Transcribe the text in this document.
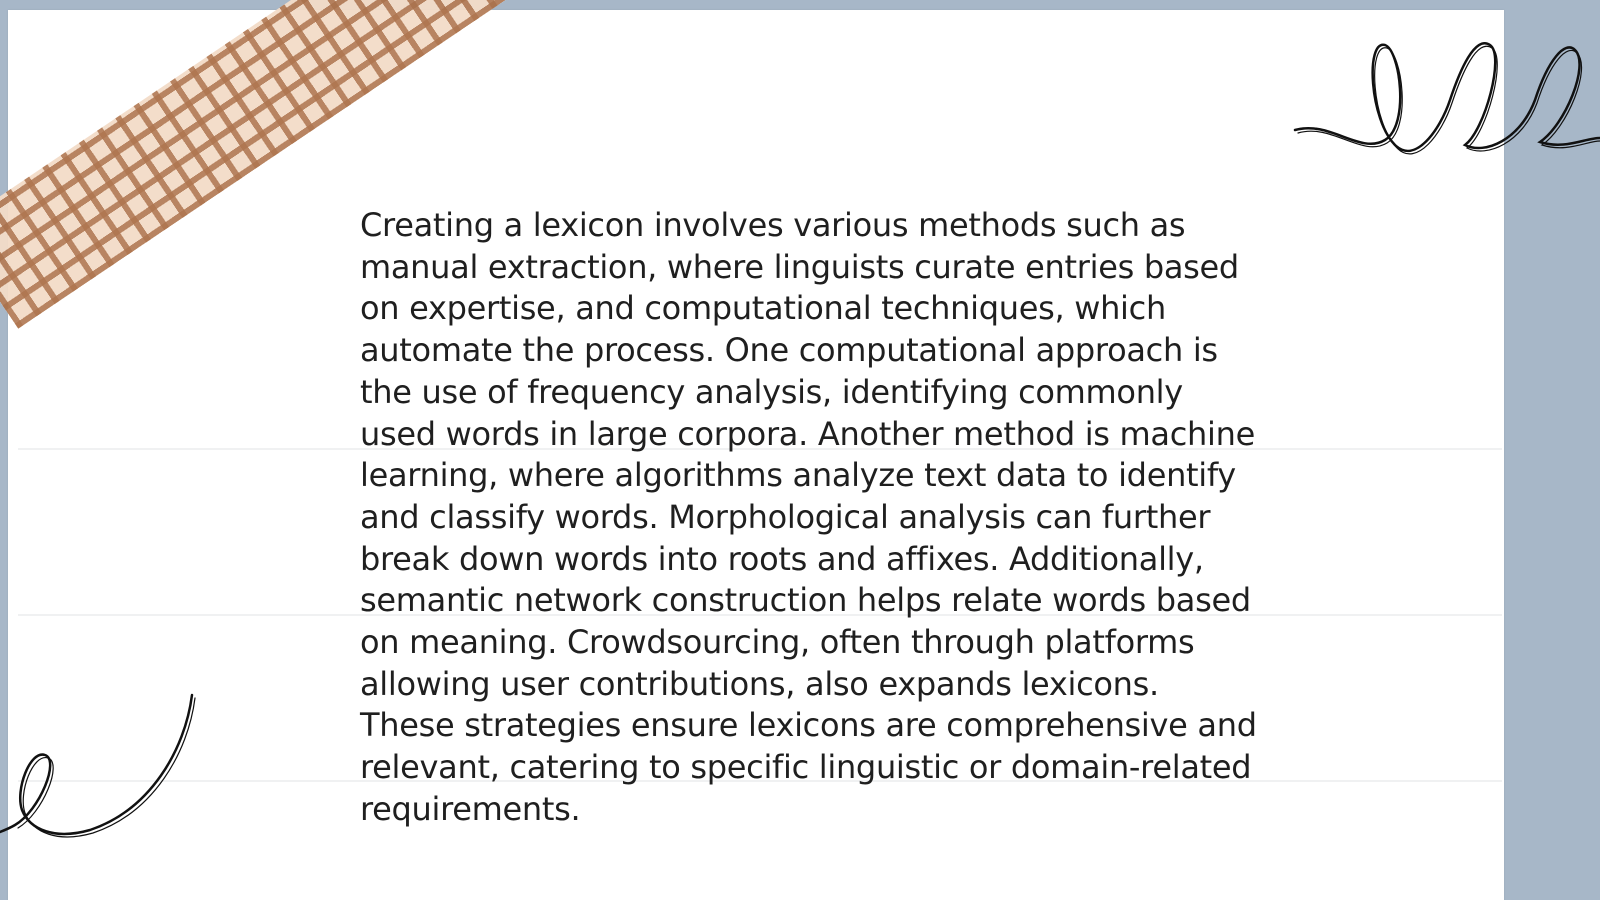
Creating a lexicon involves various methods such as manual extraction, where linguists curate entries based on expertise, and computational techniques, which automate the process. One computational approach is the use of frequency analysis, identifying commonly used words in large corpora. Another method is machine learning, where algorithms analyze text data to identify and classify words. Morphological analysis can further break down words into roots and affixes. Additionally, semantic network construction helps relate words based on meaning. Crowdsourcing, often through platforms allowing user contributions, also expands lexicons. These strategies ensure lexicons are comprehensive and relevant, catering to specific linguistic or domain-related requirements.
